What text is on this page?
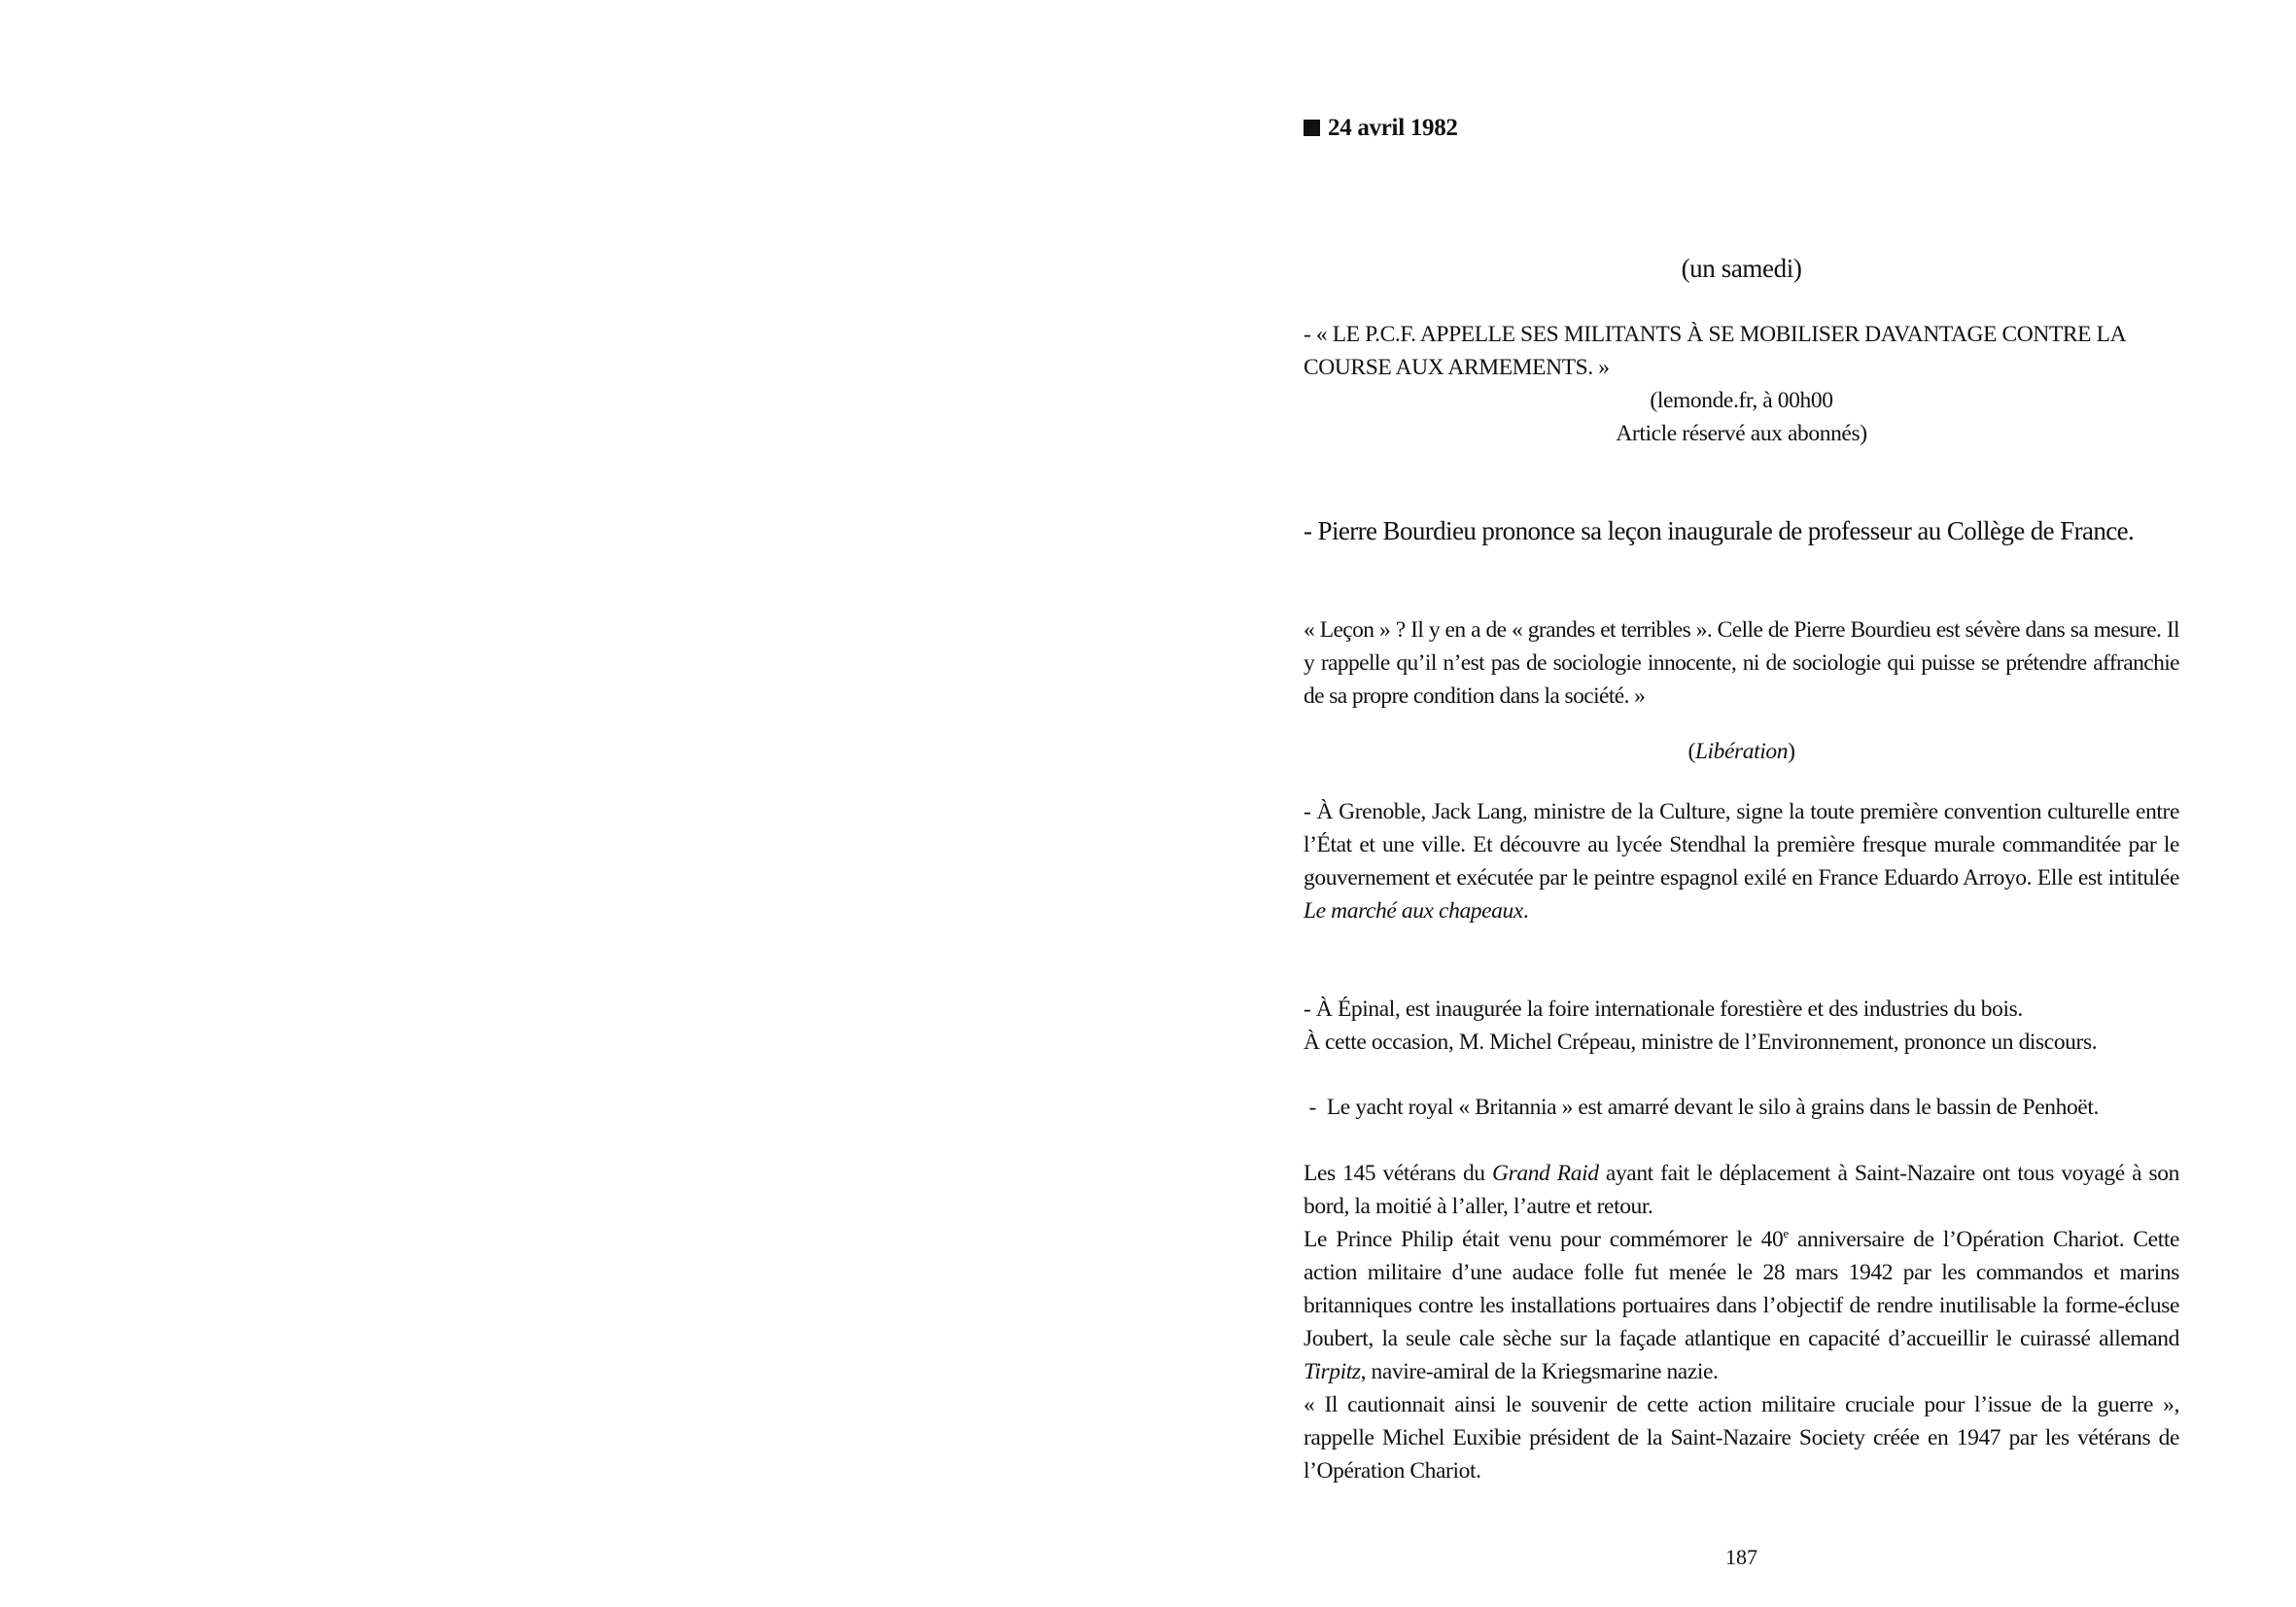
24 avril 1982
(un samedi)
- « LE P.C.F. APPELLE SES MILITANTS À SE MOBILISER DAVANTAGE CONTRE LA
COURSE AUX ARMEMENTS. »
(lemonde.fr, à 00h00
Article réservé aux abonnés)
- Pierre Bourdieu prononce sa leçon inaugurale de professeur au Collège de France.
« Leçon » ? Il y en a de « grandes et terribles ». Celle de Pierre Bourdieu est sévère dans sa mesure. Il y rappelle qu’il n’est pas de sociologie innocente, ni de sociologie qui puisse se prétendre affranchie de sa propre condition dans la société. »
(Libération)
- À Grenoble, Jack Lang, ministre de la Culture, signe la toute première convention culturelle entre l’État et une ville. Et découvre au lycée Stendhal la première fresque murale commanditée par le gouvernement et exécutée par le peintre espagnol exilé en France Eduardo Arroyo. Elle est intitulée Le marché aux chapeaux.
- À Épinal, est inaugurée la foire internationale forestière et des industries du bois.
À cette occasion, M. Michel Crépeau, ministre de l’Environnement, prononce un discours.
-  Le yacht royal « Britannia » est amarré devant le silo à grains dans le bassin de Penhoët.
Les 145 vétérans du Grand Raid ayant fait le déplacement à Saint-Nazaire ont tous voyagé à son bord, la moitié à l’aller, l’autre et retour.
Le Prince Philip était venu pour commémorer le 40e anniversaire de l’Opération Chariot. Cette action militaire d’une audace folle fut menée le 28 mars 1942 par les commandos et marins britanniques contre les installations portuaires dans l’objectif de rendre inutilisable la forme-écluse Joubert, la seule cale sèche sur la façade atlantique en capacité d’accueillir le cuirassé allemand Tirpitz, navire-amiral de la Kriegsmarine nazie.
« Il cautionnait ainsi le souvenir de cette action militaire cruciale pour l’issue de la guerre », rappelle Michel Euxibie président de la Saint-Nazaire Society créée en 1947 par les vétérans de l’Opération Chariot.
187
